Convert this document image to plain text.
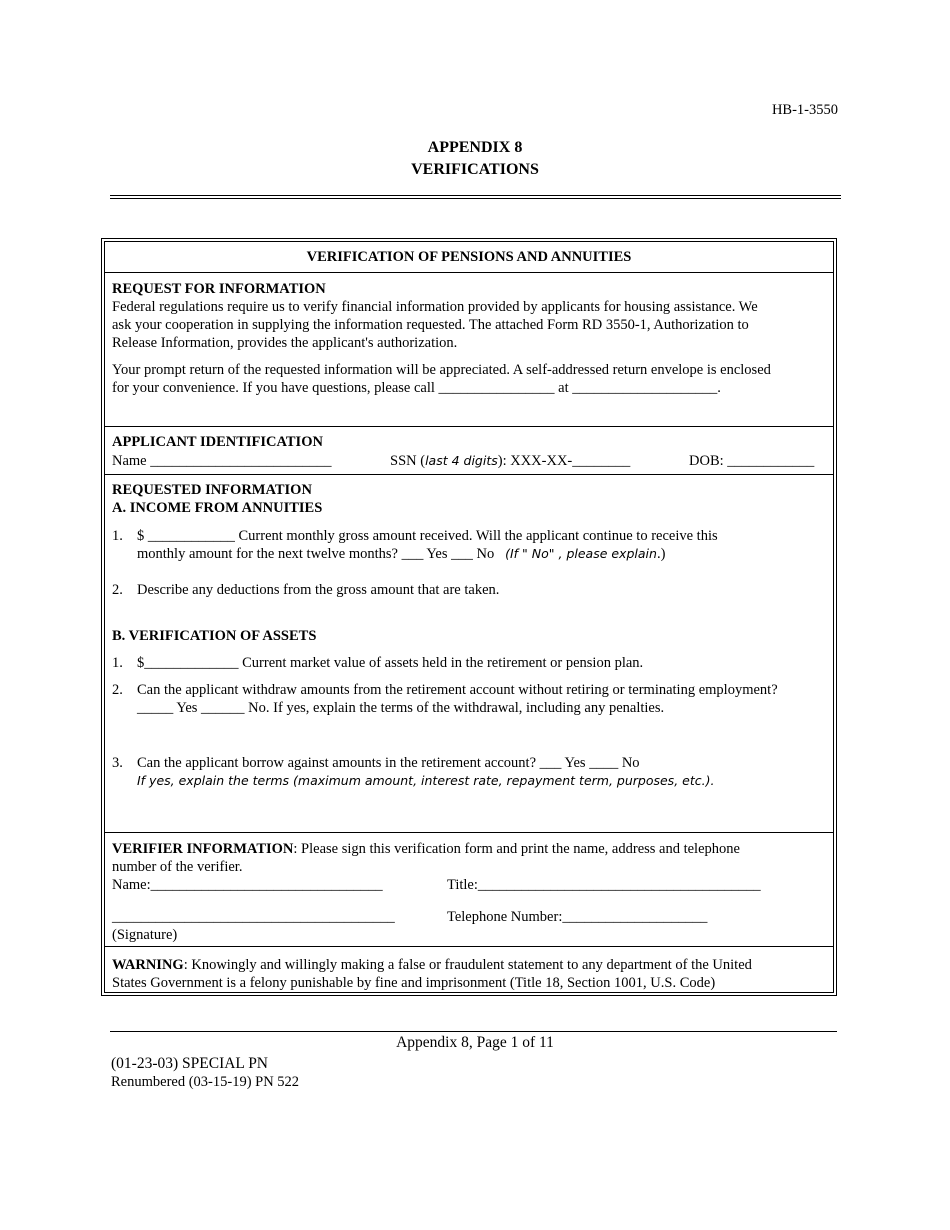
HB-1-3550
APPENDIX 8
VERIFICATIONS
VERIFICATION OF PENSIONS AND ANNUITIES
REQUEST FOR INFORMATION
Federal regulations require us to verify financial information provided by applicants for housing assistance. We
ask your cooperation in supplying the information requested. The attached Form RD 3550-1, Authorization to
Release Information, provides the applicant's authorization.
Your prompt return of the requested information will be appreciated. A self-addressed return envelope is enclosed
for your convenience. If you have questions, please call ________________ at ____________________.
APPLICANT IDENTIFICATION
Name _________________________	SSN (last 4 digits): XXX-XX-________	DOB: ____________
REQUESTED INFORMATION
A. INCOME FROM ANNUITIES
1. $ ____________ Current monthly gross amount received. Will the applicant continue to receive this
monthly amount for the next twelve months? ___ Yes ___ No (If " No" , please explain.)
2. Describe any deductions from the gross amount that are taken.
B. VERIFICATION OF ASSETS
1. $_____________ Current market value of assets held in the retirement or pension plan.
2. Can the applicant withdraw amounts from the retirement account without retiring or terminating employment?
_____ Yes ______ No. If yes, explain the terms of the withdrawal, including any penalties.
3. Can the applicant borrow against amounts in the retirement account? ___ Yes ____ No
If yes, explain the terms (maximum amount, interest rate, repayment term, purposes, etc.).
VERIFIER INFORMATION: Please sign this verification form and print the name, address and telephone
number of the verifier.
Name:________________________________	Title:_______________________________________
_______________________________________	Telephone Number:____________________
(Signature)
WARNING: Knowingly and willingly making a false or fraudulent statement to any department of the United
States Government is a felony punishable by fine and imprisonment (Title 18, Section 1001, U.S. Code)
Appendix 8, Page 1 of 11
(01-23-03) SPECIAL PN
Renumbered (03-15-19) PN 522
